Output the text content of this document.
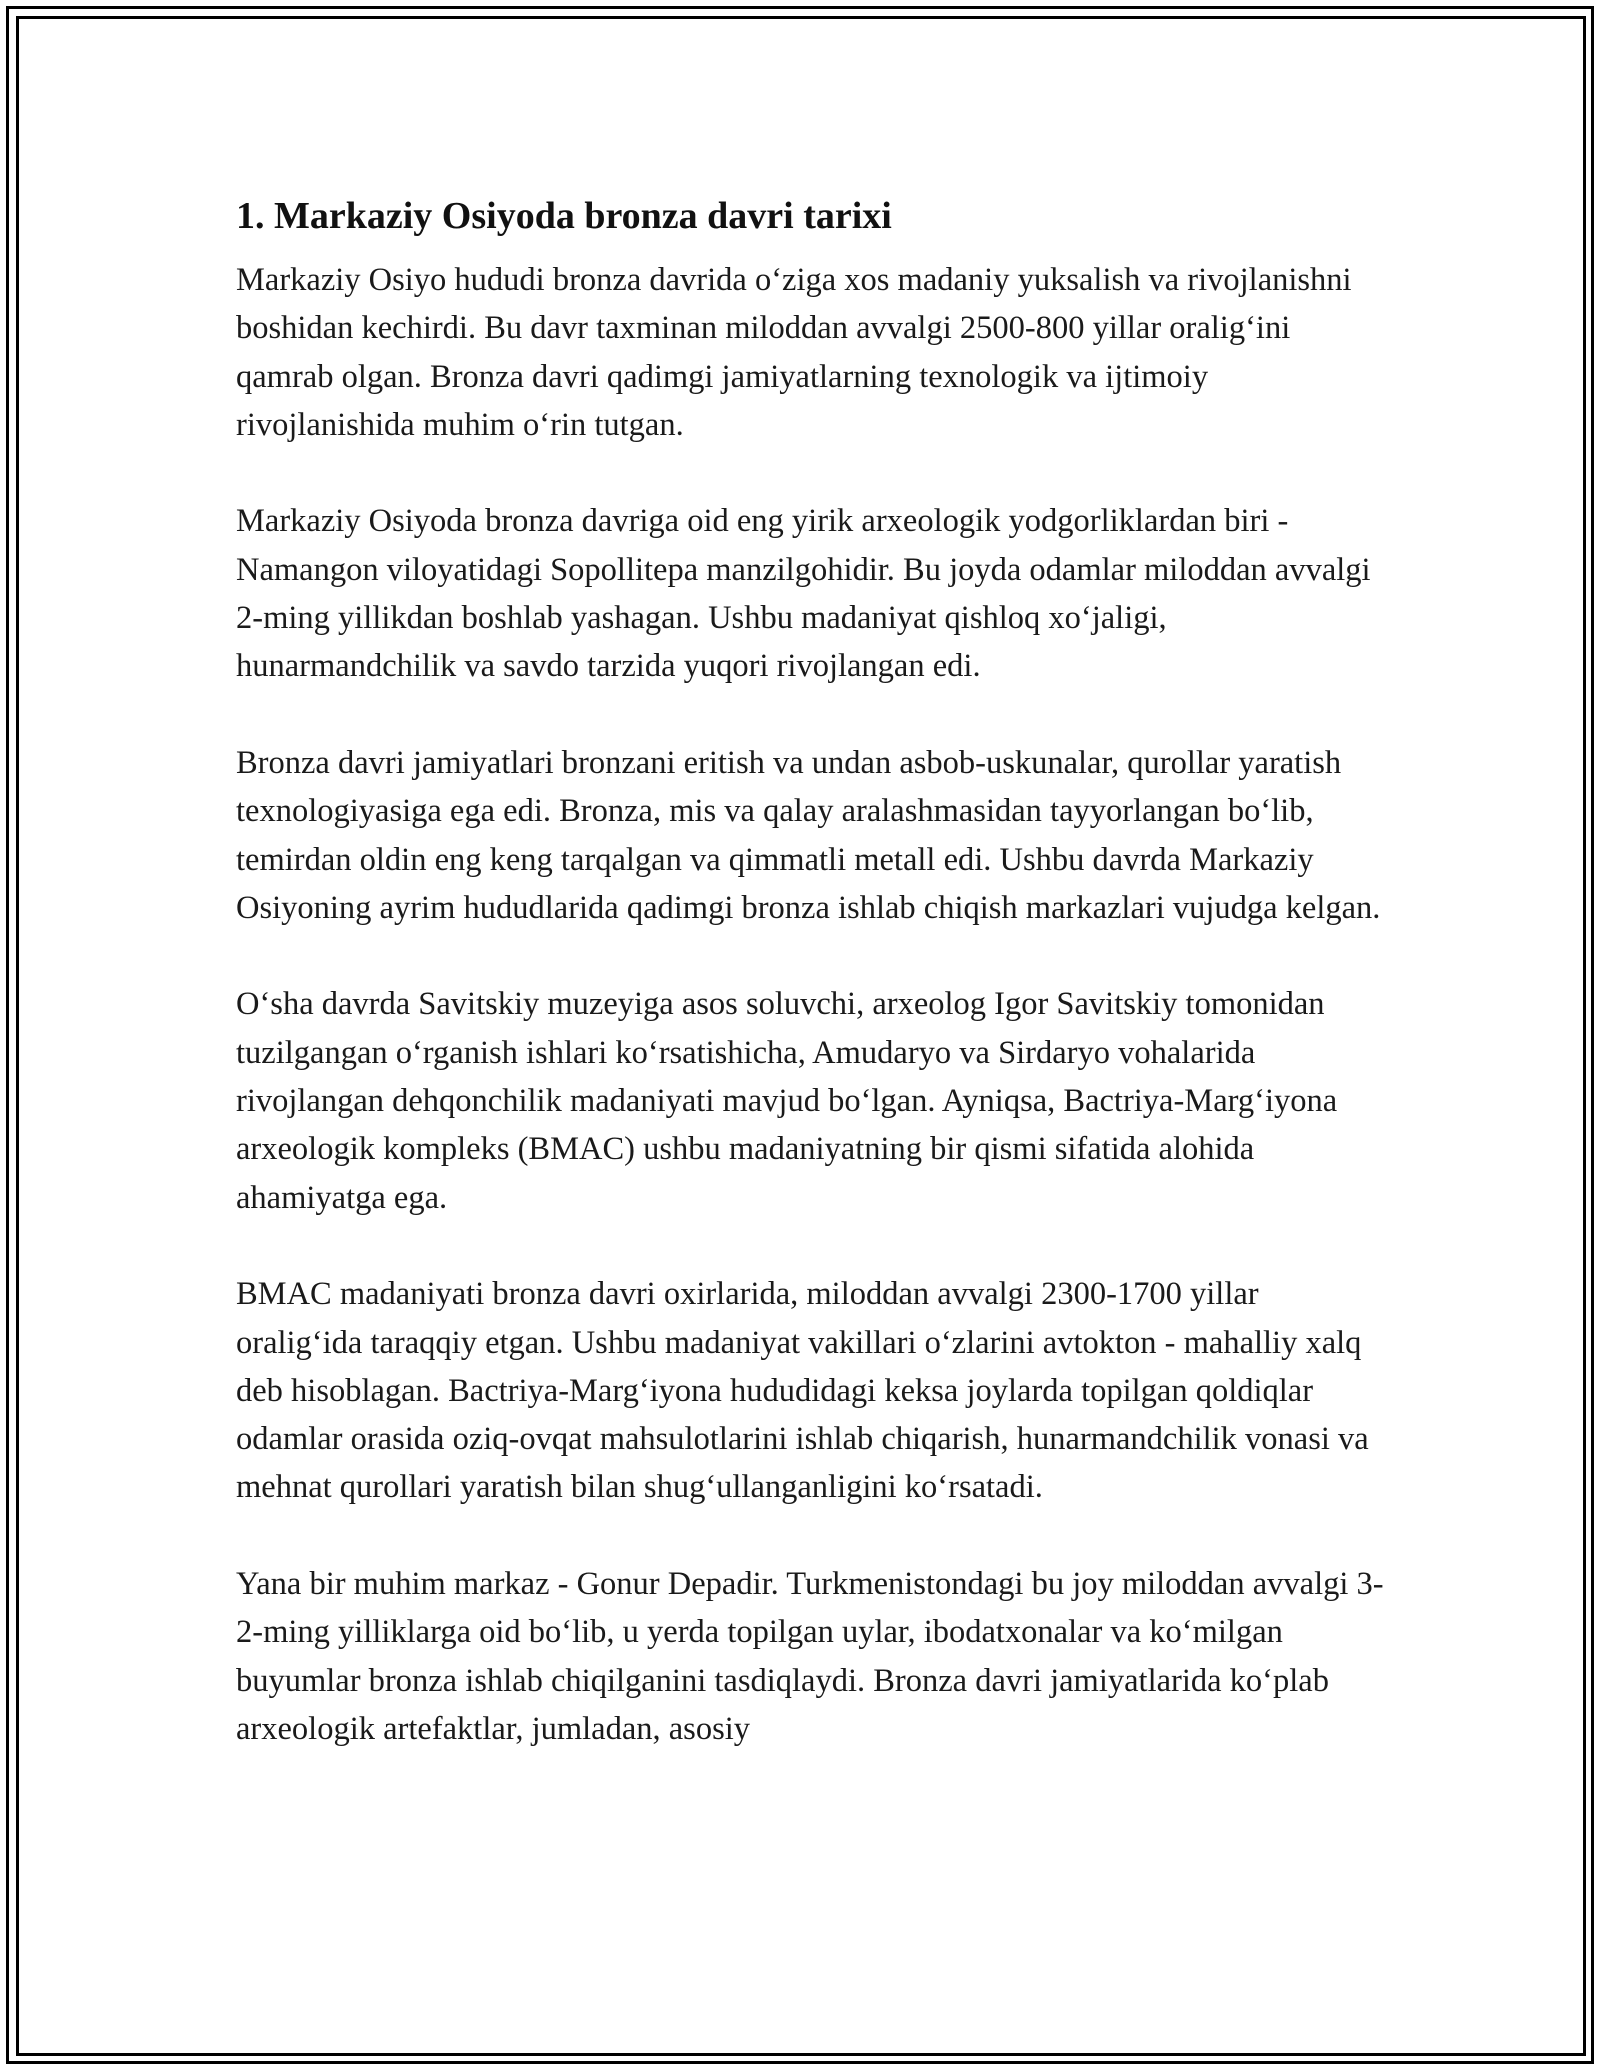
1. Markaziy Osiyoda bronza davri tarixi

Markaziy Osiyo hududi bronza davrida o‘ziga xos madaniy yuksalish va rivojlanishni boshidan kechirdi. Bu davr taxminan miloddan avvalgi 2500-800 yillar oralig‘ini qamrab olgan. Bronza davri qadimgi jamiyatlarning texnologik va ijtimoiy rivojlanishida muhim o‘rin tutgan.

Markaziy Osiyoda bronza davriga oid eng yirik arxeologik yodgorliklardan biri - Namangon viloyatidagi Sopollitepa manzilgohidir. Bu joyda odamlar miloddan avvalgi 2-ming yillikdan boshlab yashagan. Ushbu madaniyat qishloq xo‘jaligi, hunarmandchilik va savdo tarzida yuqori rivojlangan edi.

Bronza davri jamiyatlari bronzani eritish va undan asbob-uskunalar, qurollar yaratish texnologiyasiga ega edi. Bronza, mis va qalay aralashmasidan tayyorlangan bo‘lib, temirdan oldin eng keng tarqalgan va qimmatli metall edi. Ushbu davrda Markaziy Osiyoning ayrim hududlarida qadimgi bronza ishlab chiqish markazlari vujudga kelgan.

O‘sha davrda Savitskiy muzeyiga asos soluvchi, arxeolog Igor Savitskiy tomonidan tuzilgangan o‘rganish ishlari ko‘rsatishicha, Amudaryo va Sirdaryo vohalarida rivojlangan dehqonchilik madaniyati mavjud bo‘lgan. Ayniqsa, Bactriya-Marg‘iyona arxeologik kompleks (BMAC) ushbu madaniyatning bir qismi sifatida alohida ahamiyatga ega.

BMAC madaniyati bronza davri oxirlarida, miloddan avvalgi 2300-1700 yillar oralig‘ida taraqqiy etgan. Ushbu madaniyat vakillari o‘zlarini avtokton - mahalliy xalq deb hisoblagan. Bactriya-Marg‘iyona hududidagi keksa joylarda topilgan qoldiqlar odamlar orasida oziq-ovqat mahsulotlarini ishlab chiqarish, hunarmandchilik vonasi va mehnat qurollari yaratish bilan shug‘ullanganligini ko‘rsatadi.

Yana bir muhim markaz - Gonur Depadir. Turkmenistondagi bu joy miloddan avvalgi 3-2-ming yilliklarga oid bo‘lib, u yerda topilgan uylar, ibodatxonalar va ko‘milgan buyumlar bronza ishlab chiqilganini tasdiqlaydi. Bronza davri jamiyatlarida ko‘plab arxeologik artefaktlar, jumladan, asosiy
